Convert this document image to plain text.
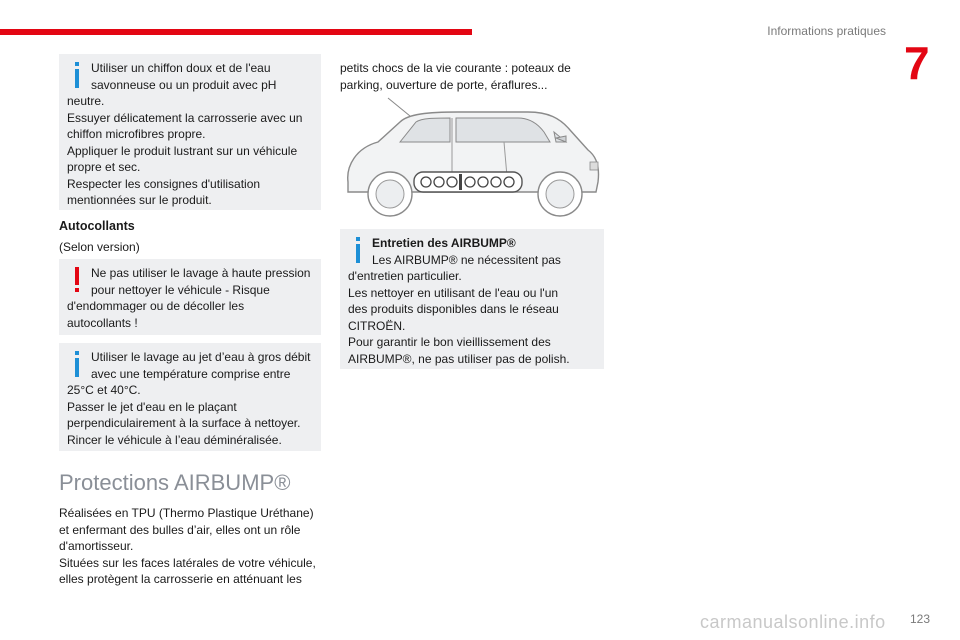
Informations pratiques
7
Utiliser un chiffon doux et de l'eau
savonneuse ou un produit avec pH
neutre.
Essuyer délicatement la carrosserie avec un
chiffon microfibres propre.
Appliquer le produit lustrant sur un véhicule
propre et sec.
Respecter les consignes d'utilisation
mentionnées sur le produit.
Autocollants
(Selon version)
Ne pas utiliser le lavage à haute pression
pour nettoyer le véhicule - Risque
d'endommager ou de décoller les
autocollants !
Utiliser le lavage au jet d’eau à gros débit
avec une température comprise entre
25°C et 40°C.
Passer le jet d'eau en le plaçant
perpendiculairement à la surface à nettoyer.
Rincer le véhicule à l’eau déminéralisée.
Protections AIRBUMP®
Réalisées en TPU (Thermo Plastique Uréthane)
et enfermant des bulles d’air, elles ont un rôle
d'amortisseur.
Situées sur les faces latérales de votre véhicule,
elles protègent la carrosserie en atténuant les
petits chocs de la vie courante : poteaux de
parking, ouverture de porte, éraflures...
Entretien des AIRBUMP®
Les AIRBUMP® ne nécessitent pas
d'entretien particulier.
Les nettoyer en utilisant de l'eau ou l'un
des produits disponibles dans le réseau
CITROËN.
Pour garantir le bon vieillissement des
AIRBUMP®, ne pas utiliser pas de polish.
carmanualsonline.info 123
